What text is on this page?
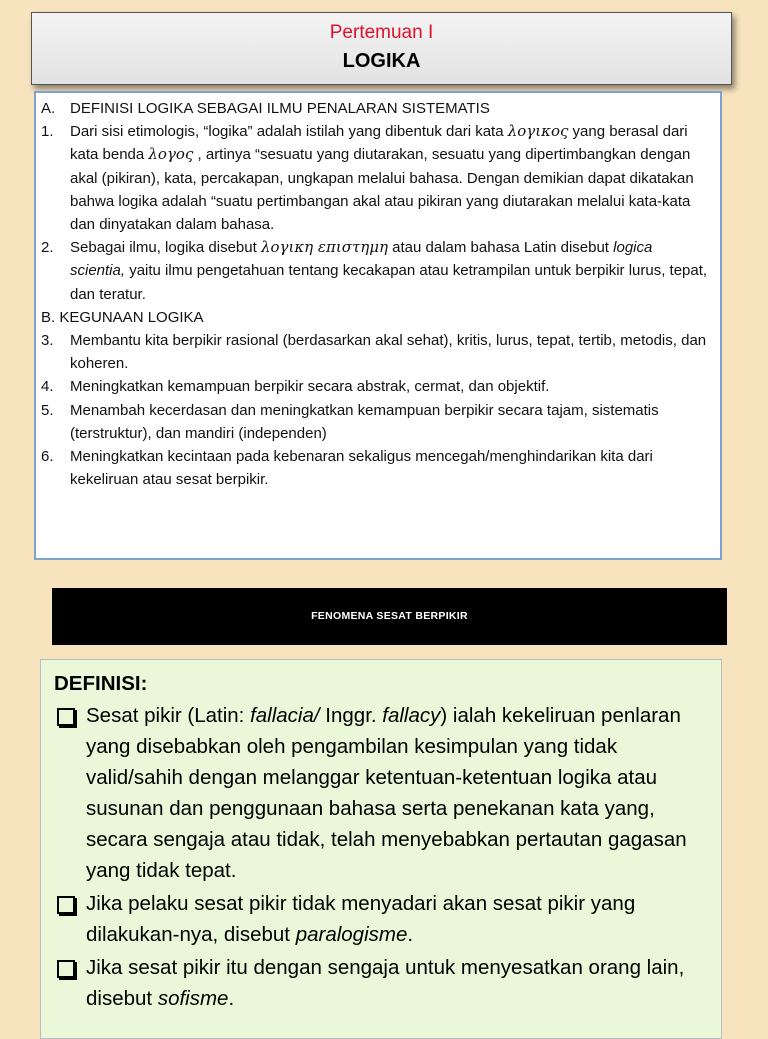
Pertemuan I
LOGIKA
A. DEFINISI LOGIKA SEBAGAI ILMU PENALARAN SISTEMATIS
1.	Dari sisi etimologis, “logika” adalah istilah yang dibentuk dari kata λογικος yang berasal dari kata benda λογος , artinya “sesuatu yang diutarakan, sesuatu yang dipertimbangkan dengan akal (pikiran), kata, percakapan, ungkapan melalui bahasa. Dengan demikian dapat dikatakan bahwa logika adalah “suatu pertimbangan akal atau pikiran yang diutarakan melalui kata-kata dan dinyatakan dalam bahasa.
2.	Sebagai ilmu, logika disebut λογικη επιστημη atau dalam bahasa Latin disebut logica scientia, yaitu ilmu pengetahuan tentang kecakapan atau ketrampilan untuk berpikir lurus, tepat, dan teratur.
B. KEGUNAAN LOGIKA
3.	Membantu kita berpikir rasional (berdasarkan akal sehat), kritis, lurus, tepat, tertib, metodis, dan koheren.
4.	Meningkatkan kemampuan berpikir secara abstrak, cermat, dan objektif.
5.	Menambah kecerdasan dan meningkatkan kemampuan berpikir secara tajam, sistematis (terstruktur), dan mandiri (independen)
6.	Meningkatkan kecintaan pada kebenaran sekaligus mencegah/menghindarikan kita dari kekeliruan atau sesat berpikir.
FENOMENA SESAT BERPIKIR
DEFINISI:
Sesat pikir (Latin: fallacia/ Inggr. fallacy) ialah kekeliruan penlaran yang disebabkan oleh pengambilan kesimpulan yang tidak valid/sahih dengan melanggar ketentuan-ketentuan logika atau susunan dan penggunaan bahasa serta penekanan kata yang, secara sengaja atau tidak, telah menyebabkan pertautan gagasan yang tidak tepat.
Jika pelaku sesat pikir tidak menyadari akan sesat pikir yang dilakukan-nya, disebut paralogisme.
Jika sesat pikir itu dengan sengaja untuk menyesatkan orang lain, disebut sofisme.
